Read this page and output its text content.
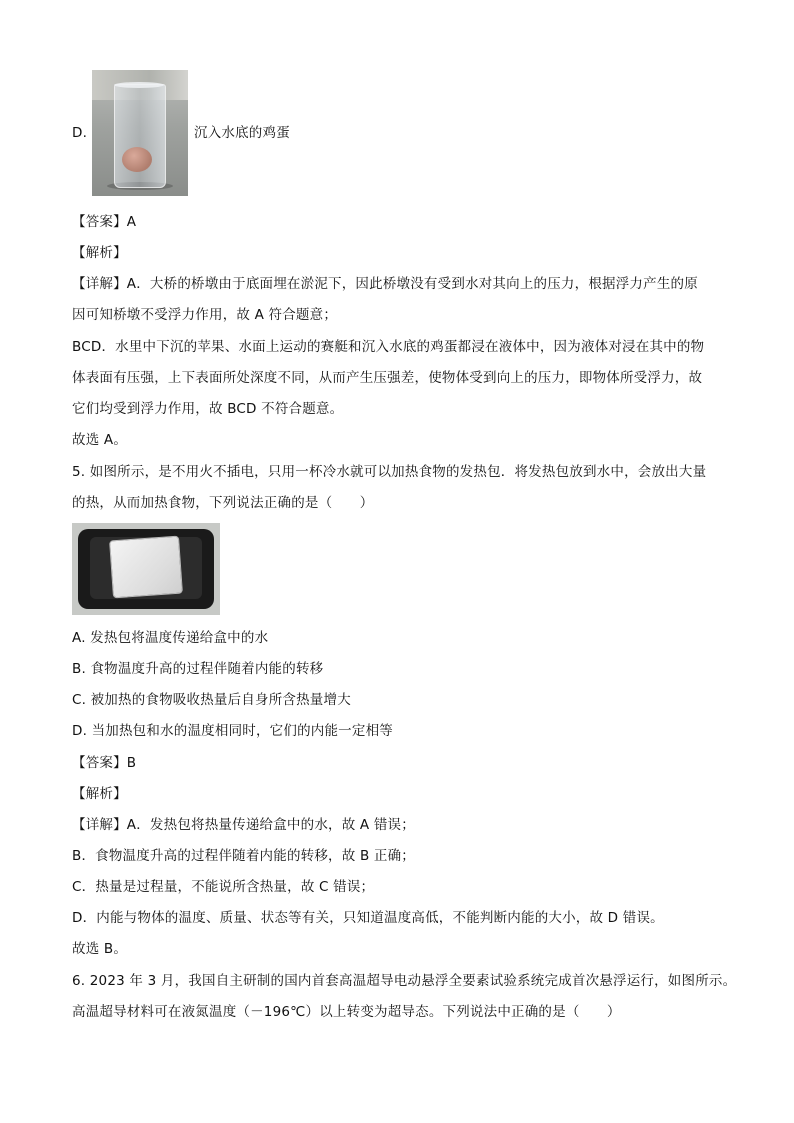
D.	沉入水底的鸡蛋
【答案】A
【解析】
【详解】A．大桥的桥墩由于底面埋在淤泥下，因此桥墩没有受到水对其向上的压力，根据浮力产生的原
因可知桥墩不受浮力作用，故 A 符合题意；
BCD．水里中下沉的苹果、水面上运动的赛艇和沉入水底的鸡蛋都浸在液体中，因为液体对浸在其中的物
体表面有压强，上下表面所处深度不同，从而产生压强差，使物体受到向上的压力，即物体所受浮力，故
它们均受到浮力作用，故 BCD 不符合题意。
故选 A。
5. 如图所示，是不用火不插电，只用一杯冷水就可以加热食物的发热包．将发热包放到水中，会放出大量
的热，从而加热食物，下列说法正确的是（　　）
A. 发热包将温度传递给盒中的水
B. 食物温度升高的过程伴随着内能的转移
C. 被加热的食物吸收热量后自身所含热量增大
D. 当加热包和水的温度相同时，它们的内能一定相等
【答案】B
【解析】
【详解】A．发热包将热量传递给盒中的水，故 A 错误；
B．食物温度升高的过程伴随着内能的转移，故 B 正确；
C．热量是过程量，不能说所含热量，故 C 错误；
D．内能与物体的温度、质量、状态等有关，只知道温度高低，不能判断内能的大小，故 D 错误。
故选 B。
6. 2023 年 3 月，我国自主研制的国内首套高温超导电动悬浮全要素试验系统完成首次悬浮运行，如图所示。
高温超导材料可在液氮温度（－196℃）以上转变为超导态。下列说法中正确的是（　　）
